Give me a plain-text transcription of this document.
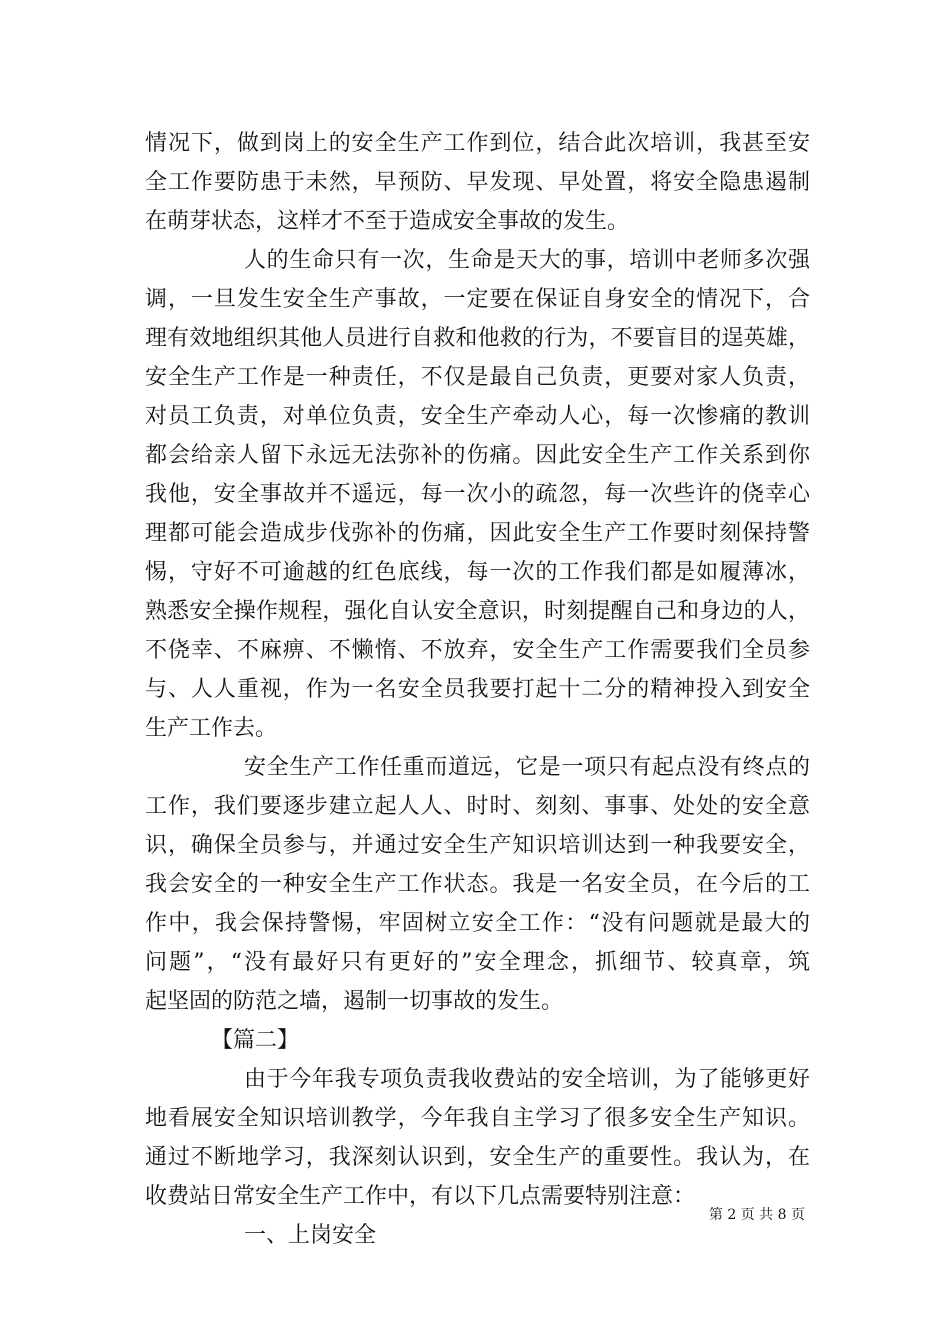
情况下，做到岗上的安全生产工作到位，结合此次培训，我甚至安
全工作要防患于未然，早预防、早发现、早处置，将安全隐患遏制
在萌芽状态，这样才不至于造成安全事故的发生。
人的生命只有一次，生命是天大的事，培训中老师多次强
调，一旦发生安全生产事故，一定要在保证自身安全的情况下，合
理有效地组织其他人员进行自救和他救的行为，不要盲目的逞英雄，
安全生产工作是一种责任，不仅是最自己负责，更要对家人负责，
对员工负责，对单位负责，安全生产牵动人心，每一次惨痛的教训
都会给亲人留下永远无法弥补的伤痛。因此安全生产工作关系到你
我他，安全事故并不遥远，每一次小的疏忽，每一次些许的侥幸心
理都可能会造成步伐弥补的伤痛，因此安全生产工作要时刻保持警
惕，守好不可逾越的红色底线，每一次的工作我们都是如履薄冰，
熟悉安全操作规程，强化自认安全意识，时刻提醒自己和身边的人，
不侥幸、不麻痹、不懒惰、不放弃，安全生产工作需要我们全员参
与、人人重视，作为一名安全员我要打起十二分的精神投入到安全
生产工作去。
安全生产工作任重而道远，它是一项只有起点没有终点的
工作，我们要逐步建立起人人、时时、刻刻、事事、处处的安全意
识，确保全员参与，并通过安全生产知识培训达到一种我要安全，
我会安全的一种安全生产工作状态。我是一名安全员，在今后的工
作中，我会保持警惕，牢固树立安全工作：“没有问题就是最大的
问题”，“没有最好只有更好的”安全理念，抓细节、较真章，筑
起坚固的防范之墙，遏制一切事故的发生。
【篇二】
由于今年我专项负责我收费站的安全培训，为了能够更好
地看展安全知识培训教学，今年我自主学习了很多安全生产知识。
通过不断地学习，我深刻认识到，安全生产的重要性。我认为，在
收费站日常安全生产工作中，有以下几点需要特别注意：
一、上岗安全
第 2 页 共 8 页
